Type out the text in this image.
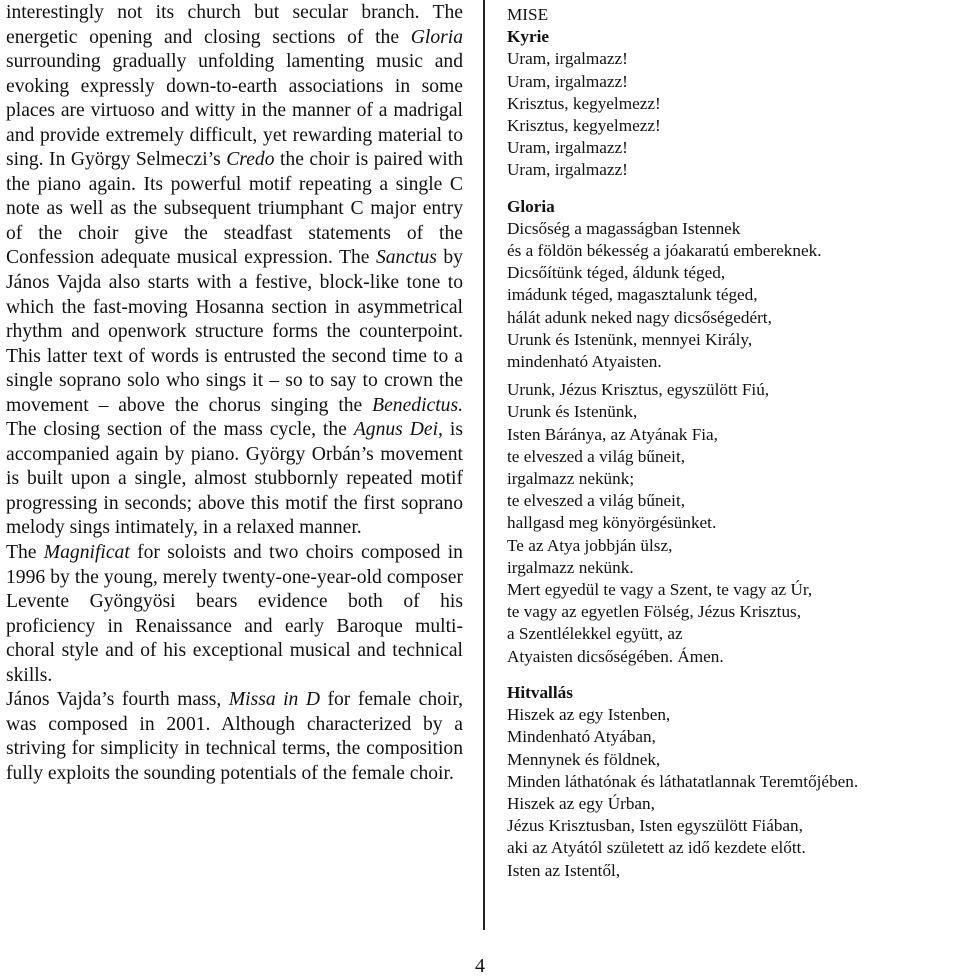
interestingly not its church but secular branch. The energetic opening and closing sections of the Gloria surrounding gradually unfolding lamenting music and evoking expressly down-to-earth associations in some places are virtuoso and witty in the manner of a madrigal and provide extremely difficult, yet rewarding material to sing. In György Selmeczi’s Credo the choir is paired with the piano again. Its powerful motif repeating a single C note as well as the subsequent triumphant C major entry of the choir give the steadfast statements of the Confession adequate musical expression. The Sanctus by János Vajda also starts with a festive, block-like tone to which the fast-moving Hosanna section in asymmetrical rhythm and openwork structure forms the counterpoint. This latter text of words is entrusted the second time to a single soprano solo who sings it – so to say to crown the movement – above the chorus singing the Benedictus. The closing section of the mass cycle, the Agnus Dei, is accompanied again by piano. György Orbán’s movement is built upon a single, almost stubbornly repeated motif progressing in seconds; above this motif the first soprano melody sings intimately, in a relaxed manner.

The Magnificat for soloists and two choirs composed in 1996 by the young, merely twenty-one-year-old composer Levente Gyöngyösi bears evidence both of his proficiency in Renaissance and early Baroque multi-choral style and of his exceptional musical and technical skills.

János Vajda’s fourth mass, Missa in D for female choir, was composed in 2001. Although characterized by a striving for simplicity in technical terms, the composition fully exploits the sounding potentials of the female choir.

MISE
Kyrie
Uram, irgalmazz!
Uram, irgalmazz!
Krisztus, kegyelmezz!
Krisztus, kegyelmezz!
Uram, irgalmazz!
Uram, irgalmazz!
Gloria
Dicsőség a magasságban Istennek
és a földön békesség a jóakaratú embereknek.
Dicsőítünk téged, áldunk téged,
imádunk téged, magasztalunk téged,
hálát adunk neked nagy dicsőségedért,
Urunk és Istenünk, mennyei Király,
mindenható Atyaisten.
Urunk, Jézus Krisztus, egyszülött Fiú,
Urunk és Istenünk,
Isten Báránya, az Atyának Fia,
te elveszed a világ bűneit,
irgalmazz nekünk;
te elveszed a világ bűneit,
hallgasd meg könyörgésünket.
Te az Atya jobbján ülsz,
irgalmazz nekünk.
Mert egyedül te vagy a Szent, te vagy az Úr,
te vagy az egyetlen Fölség, Jézus Krisztus,
a Szentlélekkel együtt, az
Atyaisten dicsőségében. Ámen.
Hitvallás
Hiszek az egy Istenben,
Mindenható Atyában,
Mennynek és földnek,
Minden láthatónak és láthatatlannak Teremtőjében.
Hiszek az egy Úrban,
Jézus Krisztusban, Isten egyszülött Fiában,
aki az Atyától született az idő kezdete előtt.
Isten az Istentől,
4
